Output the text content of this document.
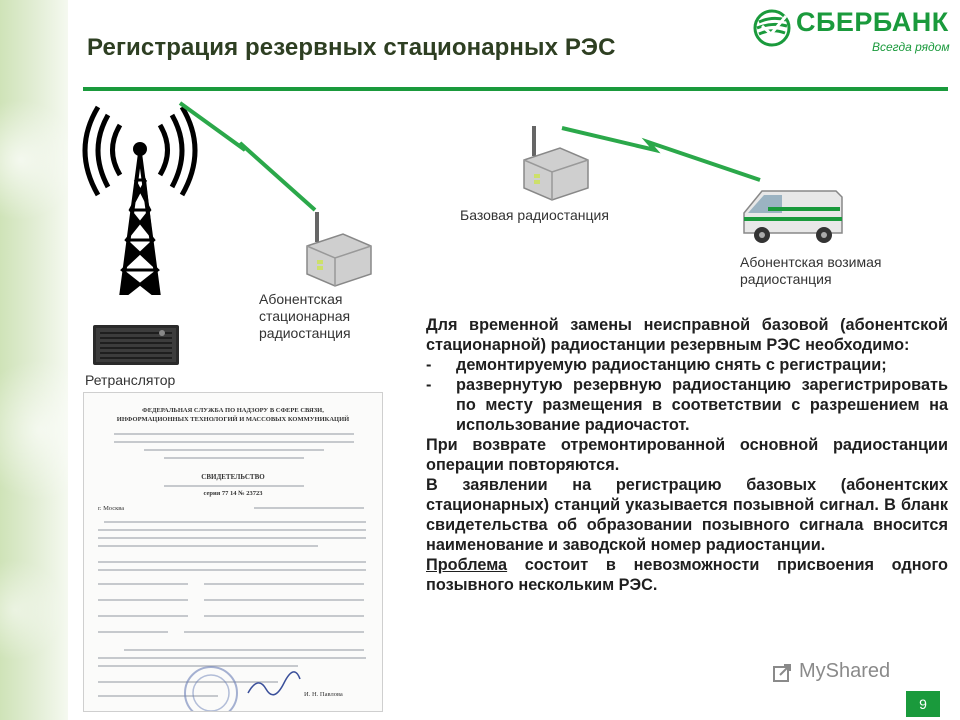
Регистрация резервных стационарных РЭС
СБЕРБАНК
Всегда рядом
Ретранслятор
Абонентская
стационарная
радиостанция
Базовая радиостанция
Абонентская возимая
радиостанция
ФЕДЕРАЛЬНАЯ СЛУЖБА ПО НАДЗОРУ В СФЕРЕ СВЯЗИ,
ИНФОРМАЦИОННЫХ ТЕХНОЛОГИЙ И МАССОВЫХ КОММУНИКАЦИЙ
СВИДЕТЕЛЬСТВО
серия 77 14 № 23723
г. Москва
И. Н. Павлова

Для временной замены неисправной базовой (абонентской стационарной) радиостанции резервным РЭС необходимо:

-	демонтируемую радиостанцию снять с регистрации;
-	развернутую резервную радиостанцию зарегистрировать по месту размещения в соответствии с разрешением на использование радиочастот.

При возврате отремонтированной основной радиостанции операции повторяются.

В заявлении на регистрацию базовых (абонентских стационарных) станций указывается позывной сигнал. В бланк свидетельства об образовании позывного сигнала вносится наименование и заводской номер радиостанции.

Проблема состоит в невозможности присвоения одного позывного нескольким РЭС.

MyShared
9
